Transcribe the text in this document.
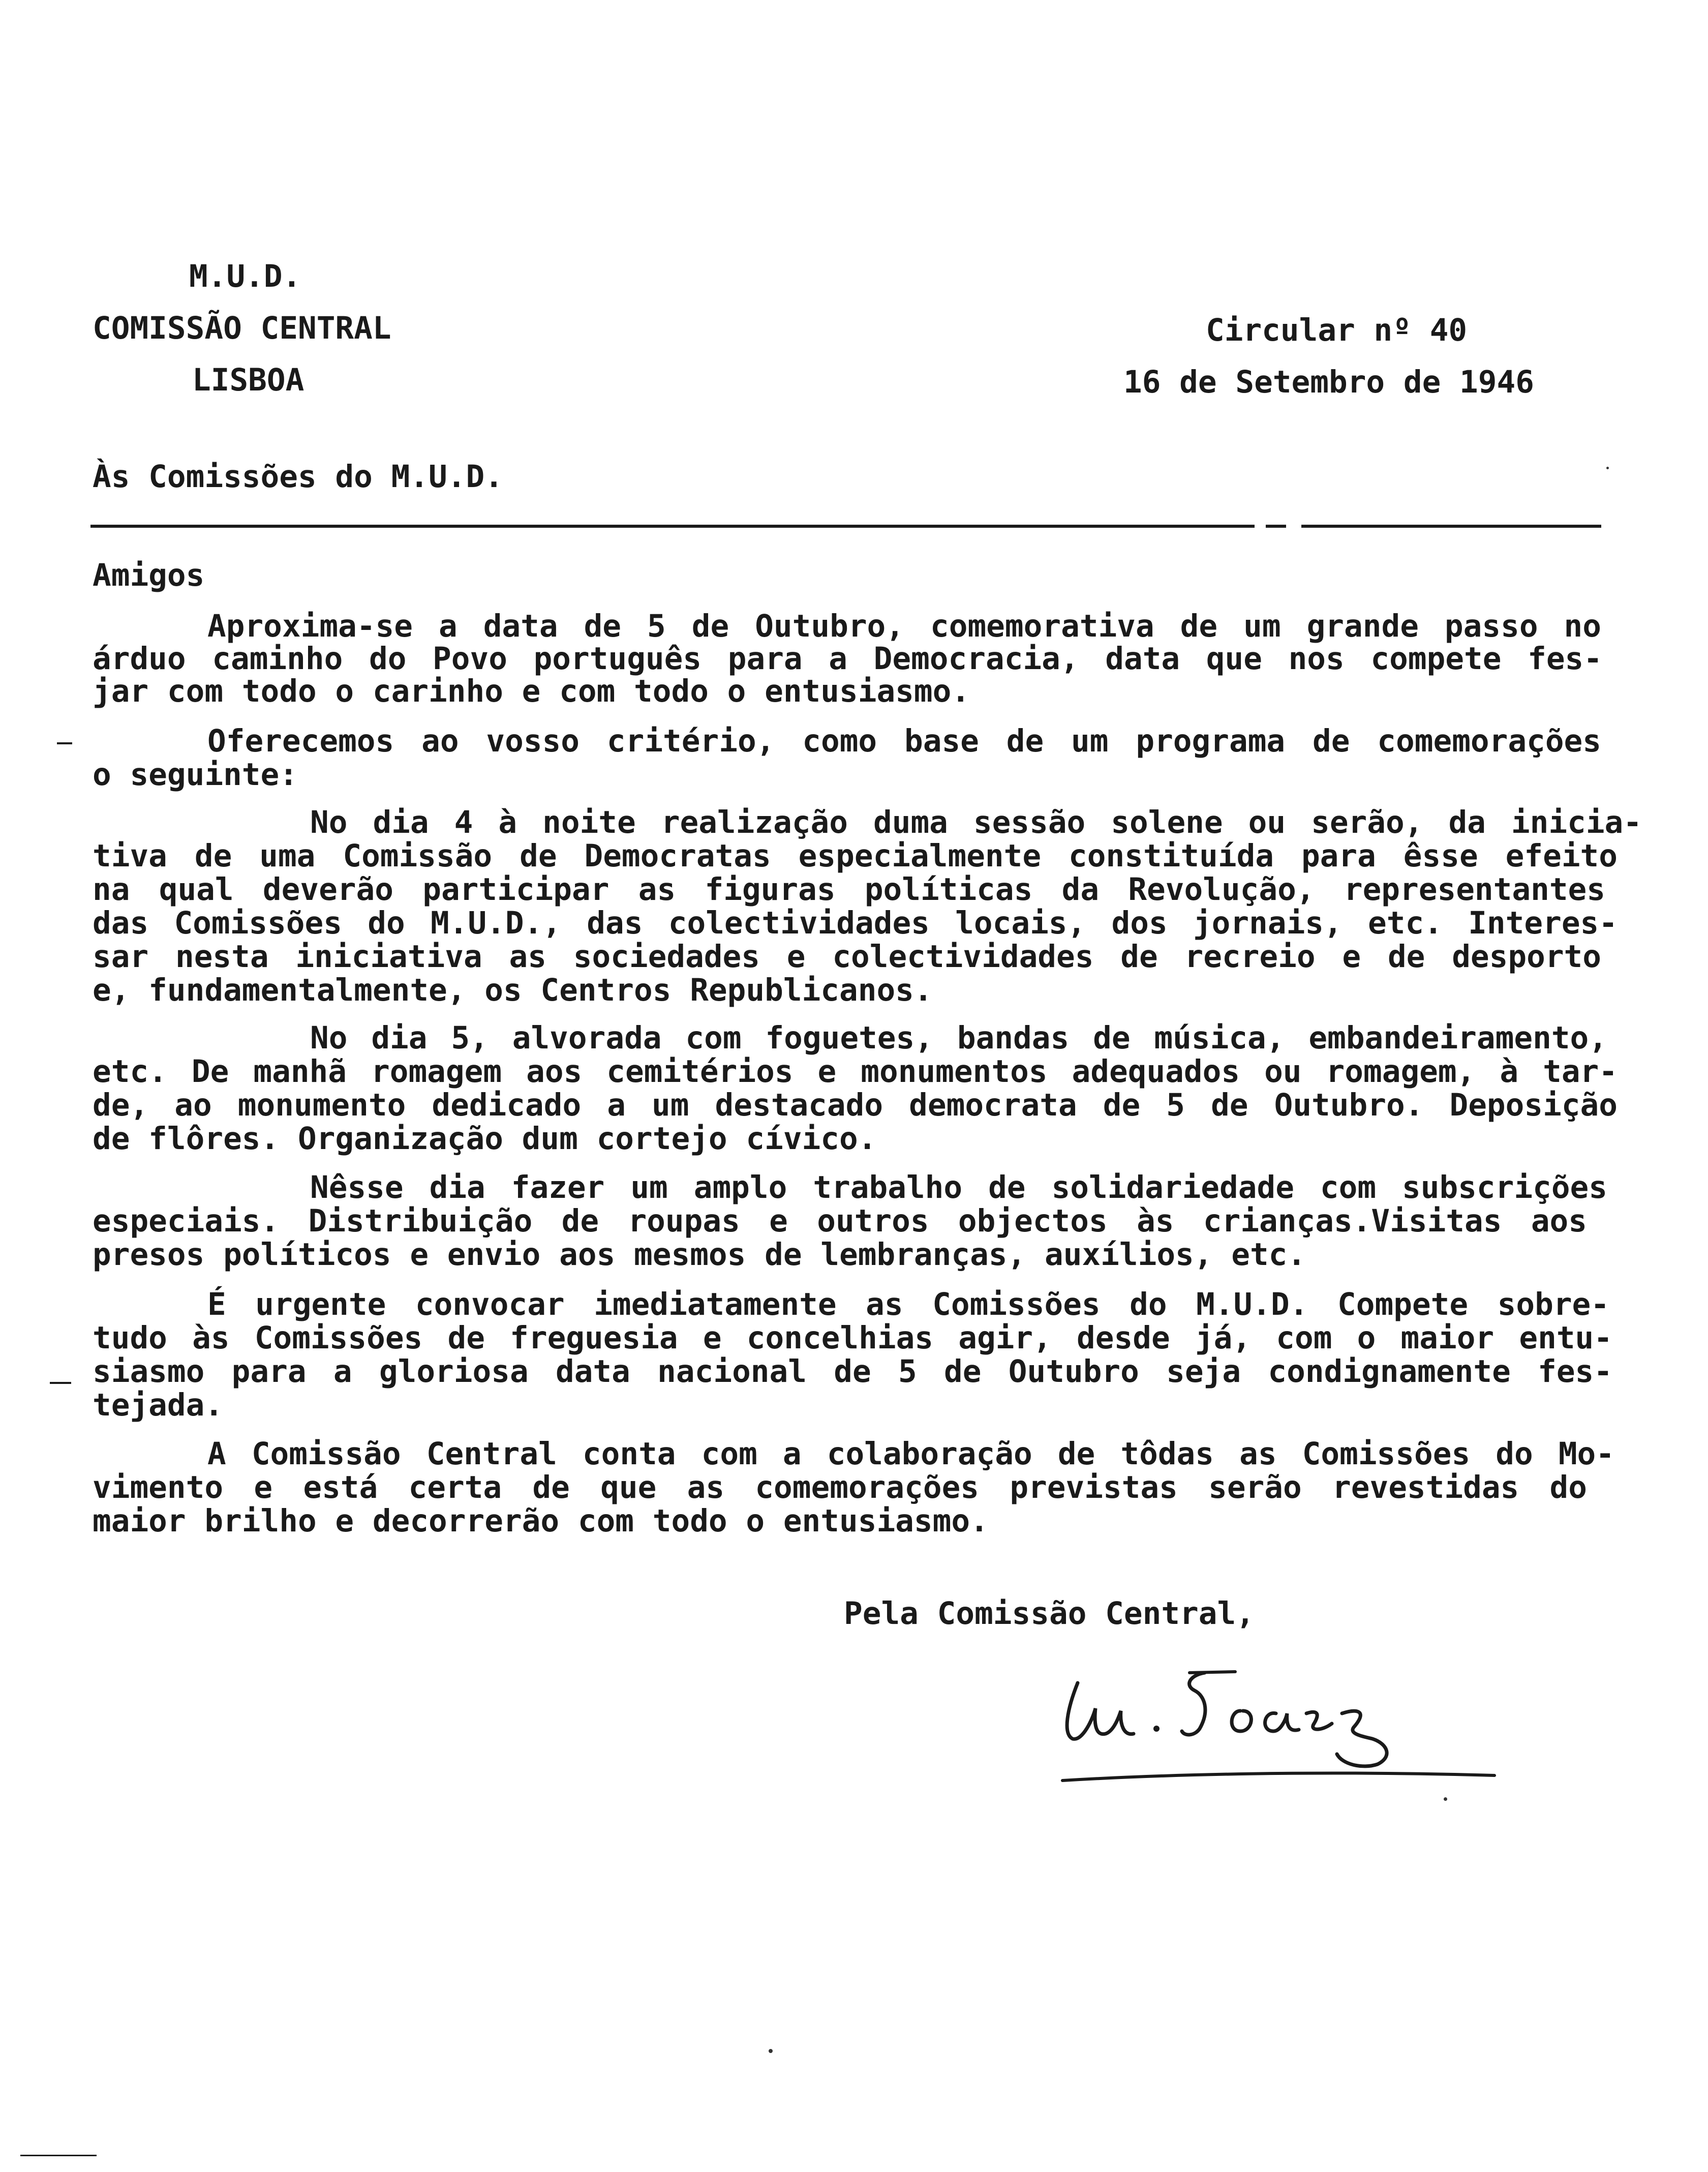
M.U.D.
COMISSÃO CENTRAL
LISBOA
Circular nº 40
16 de Setembro de 1946
Às Comissões do M.U.D.
Amigos
Aproxima-se a data de 5 de Outubro, comemorativa de um grande passo no
árduo caminho do Povo português para a Democracia, data que nos compete fes-
jar com todo o carinho e com todo o entusiasmo.
Oferecemos ao vosso critério, como base de um programa de comemorações
o seguinte:
No dia 4 à noite realização duma sessão solene ou serão, da inicia-
tiva de uma Comissão de Democratas especialmente constituída para êsse efeito
na qual deverão participar as figuras políticas da Revolução, representantes
das Comissões do M.U.D., das colectividades locais, dos jornais, etc. Interes-
sar nesta iniciativa as sociedades e colectividades de recreio e de desporto
e, fundamentalmente, os Centros Republicanos.
No dia 5, alvorada com foguetes, bandas de música, embandeiramento,
etc. De manhã romagem aos cemitérios e monumentos adequados ou romagem, à tar-
de, ao monumento dedicado a um destacado democrata de 5 de Outubro. Deposição
de flôres. Organização dum cortejo cívico.
Nêsse dia fazer um amplo trabalho de solidariedade com subscrições
especiais. Distribuição de roupas e outros objectos às crianças.Visitas aos
presos políticos e envio aos mesmos de lembranças, auxílios, etc.
É urgente convocar imediatamente as Comissões do M.U.D. Compete sobre-
tudo às Comissões de freguesia e concelhias agir, desde já, com o maior entu-
siasmo para a gloriosa data nacional de 5 de Outubro seja condignamente fes-
tejada.
A Comissão Central conta com a colaboração de tôdas as Comissões do Mo-
vimento e está certa de que as comemorações previstas serão revestidas do
maior brilho e decorrerão com todo o entusiasmo.
Pela Comissão Central,
